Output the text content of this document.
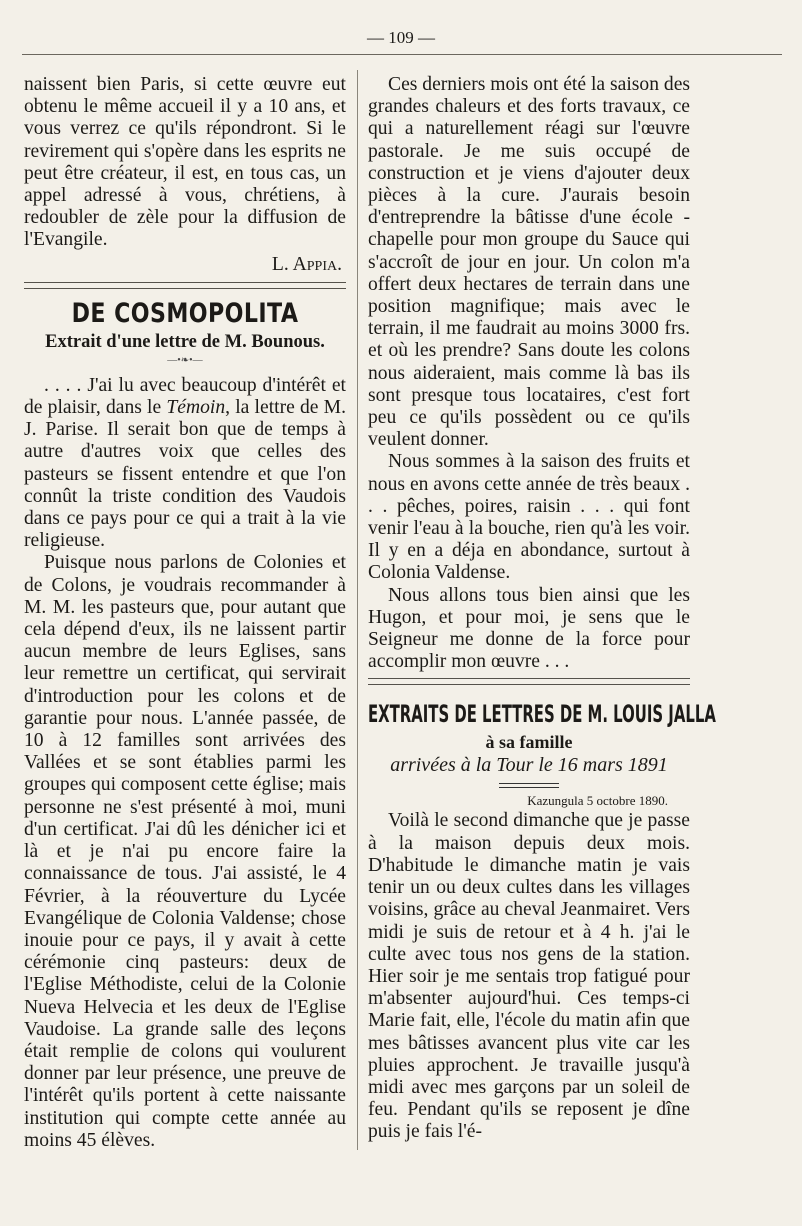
— 109 —

naissent bien Paris, si cette œuvre eut obtenu le même accueil il y a 10 ans, et vous verrez ce qu'ils répondront. Si le revirement qui s'opère dans les esprits ne peut être créateur, il est, en tous cas, un appel adressé à vous, chrétiens, à redoubler de zèle pour la diffusion de l'Evangile.

L. Appia.

DE COSMOPOLITA
Extrait d'une lettre de M. Bounous.
—•❧•—

. . . . J'ai lu avec beaucoup d'intérêt et de plaisir, dans le Témoin, la lettre de M. J. Parise. Il serait bon que de temps à autre d'autres voix que celles des pasteurs se fissent entendre et que l'on connût la triste condition des Vaudois dans ce pays pour ce qui a trait à la vie religieuse.

Puisque nous parlons de Colonies et de Colons, je voudrais recommander à M. M. les pasteurs que, pour autant que cela dépend d'eux, ils ne laissent partir aucun membre de leurs Eglises, sans leur remettre un certificat, qui servirait d'introduction pour les colons et de garantie pour nous. L'année passée, de 10 à 12 familles sont arrivées des Vallées et se sont établies parmi les groupes qui composent cette église; mais personne ne s'est présenté à moi, muni d'un certificat. J'ai dû les dénicher ici et là et je n'ai pu encore faire la connaissance de tous. J'ai assisté, le 4 Février, à la réouverture du Lycée Evangélique de Colonia Valdense; chose inouie pour ce pays, il y avait à cette cérémonie cinq pasteurs: deux de l'Eglise Méthodiste, celui de la Colonie Nueva Helvecia et les deux de l'Eglise Vaudoise. La grande salle des leçons était remplie de colons qui voulurent donner par leur présence, une preuve de l'intérêt qu'ils portent à cette naissante institution qui compte cette année au moins 45 élèves.

Ces derniers mois ont été la saison des grandes chaleurs et des forts travaux, ce qui a naturellement réagi sur l'œuvre pastorale. Je me suis occupé de construction et je viens d'ajouter deux pièces à la cure. J'aurais besoin d'entreprendre la bâtisse d'une école - chapelle pour mon groupe du Sauce qui s'accroît de jour en jour. Un colon m'a offert deux hectares de terrain dans une position magnifique; mais avec le terrain, il me faudrait au moins 3000 frs. et où les prendre? Sans doute les colons nous aideraient, mais comme là bas ils sont presque tous locataires, c'est fort peu ce qu'ils possèdent ou ce qu'ils veulent donner.

Nous sommes à la saison des fruits et nous en avons cette année de très beaux . . . pêches, poires, raisin . . . qui font venir l'eau à la bouche, rien qu'à les voir. Il y en a déja en abondance, surtout à Colonia Valdense.

Nous allons tous bien ainsi que les Hugon, et pour moi, je sens que le Seigneur me donne de la force pour accomplir mon œuvre . . .

EXTRAITS DE LETTRES DE M. LOUIS JALLA
à sa famille
arrivées à la Tour le 16 mars 1891
Kazungula 5 octobre 1890.

Voilà le second dimanche que je passe à la maison depuis deux mois. D'habitude le dimanche matin je vais tenir un ou deux cultes dans les villages voisins, grâce au cheval Jeanmairet. Vers midi je suis de retour et à 4 h. j'ai le culte avec tous nos gens de la station. Hier soir je me sentais trop fatigué pour m'absenter aujourd'hui. Ces temps-ci Marie fait, elle, l'école du matin afin que mes bâtisses avancent plus vite car les pluies approchent. Je travaille jusqu'à midi avec mes garçons par un soleil de feu. Pendant qu'ils se reposent je dîne puis je fais l'é-
